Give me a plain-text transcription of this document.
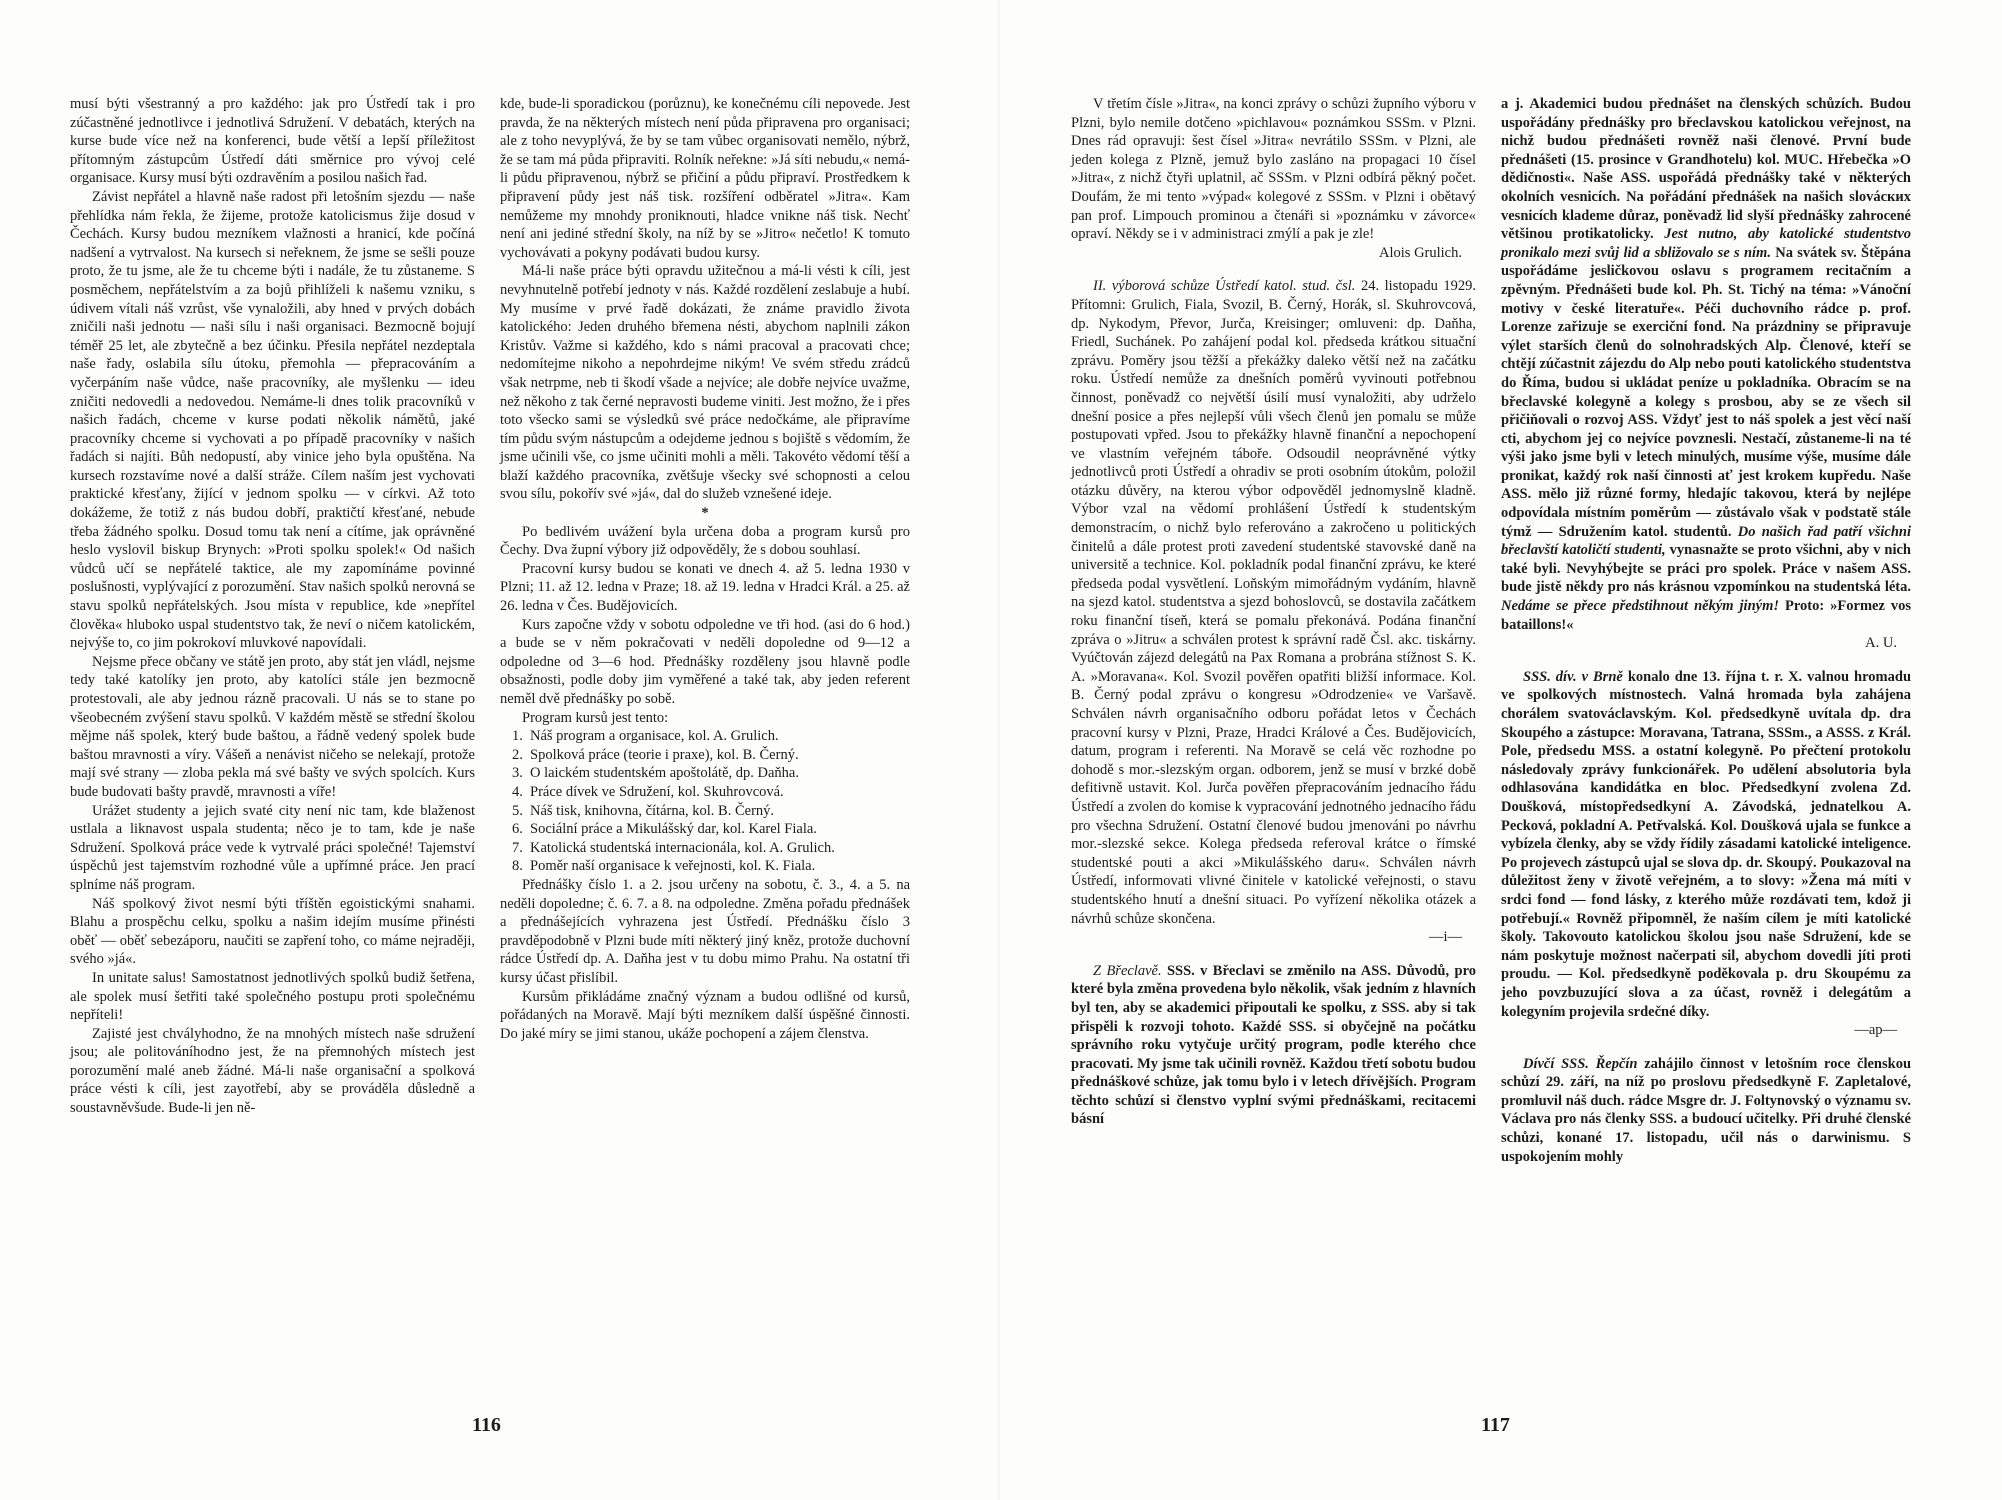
musí býti všestranný a pro každého: jak pro Ústředí tak i pro zúčastněné jednotlivce i jednotlivá Sdružení. V debatách, kterých na kurse bude více než na konferenci, bude větší a lepší příležitost přítomným zástupcům Ústředí dáti směrnice pro vývoj celé organisace. Kursy musí býti ozdravěním a posilou našich řad.

Závist nepřátel a hlavně naše radost při letošním sjezdu — naše přehlídka nám řekla, že žijeme, protože katolicismus žije dosud v Čechách. Kursy budou mezníkem vlažnosti a hranicí, kde počíná nadšení a vytrvalost. Na kursech si neřeknem, že jsme se sešli pouze proto, že tu jsme, ale že tu chceme býti i nadále, že tu zůstaneme. S posměchem, nepřátelstvím a za bojů přihlíželi k našemu vzniku, s údivem vítali náš vzrůst, vše vynaložili, aby hned v prvých dobách zničili naši jednotu — naši sílu i naši organisaci. Bezmocně bojují téměř 25 let, ale zbytečně a bez účinku. Přesila nepřátel nezdeptala naše řady, oslabila sílu útoku, přemohla — přepracováním a vyčerpáním naše vůdce, naše pracovníky, ale myšlenku — ideu zničiti nedovedli a nedovedou. Nemáme-li dnes tolik pracovníků v našich řadách, chceme v kurse podati několik námětů, jaké pracovníky chceme si vychovati a po případě pracovníky v našich řadách si najíti. Bůh nedopustí, aby vinice jeho byla opuštěna. Na kursech rozstavíme nové a další stráže. Cílem naším jest vychovati praktické křesťany, žijící v jednom spolku — v církvi. Až toto dokážeme, že totiž z nás budou dobří, praktičtí křesťané, nebude třeba žádného spolku. Dosud tomu tak není a cítíme, jak oprávněné heslo vyslovil biskup Brynych: »Proti spolku spolek!« Od našich vůdců učí se nepřátelé taktice, ale my zapomínáme povinné poslušnosti, vyplývající z porozumění. Stav našich spolků nerovná se stavu spolků nepřátelských. Jsou místa v republice, kde »nepřítel člověka« hluboko uspal studentstvo tak, že neví o ničem katolickém, nejvýše to, co jim pokrokoví mluvkové napovídali.

Nejsme přece občany ve státě jen proto, aby stát jen vládl, nejsme tedy také katolíky jen proto, aby katolíci stále jen bezmocně protestovali, ale aby jednou rázně pracovali. U nás se to stane po všeobecném zvýšení stavu spolků. V každém městě se střední školou mějme náš spolek, který bude baštou, a řádně vedený spolek bude baštou mravnosti a víry. Vášeň a nenávist ničeho se nelekají, protože mají své strany — zloba pekla má své bašty ve svých spolcích. Kurs bude budovati bašty pravdě, mravnosti a víře!

Urážet studenty a jejich svaté city není nic tam, kde blaženost ustlala a liknavost uspala studenta; něco je to tam, kde je naše Sdružení. Spolková práce vede k vytrvalé práci společné! Tajemství úspěchů jest tajemstvím rozhodné vůle a upřímné práce. Jen prací splníme náš program.

Náš spolkový život nesmí býti tříštěn egoistickými snahami. Blahu a prospěchu celku, spolku a našim idejím musíme přinésti oběť — oběť sebezáporu, naučiti se zapření toho, co máme nejraději, svého »já«.

In unitate salus! Samostatnost jednotlivých spolků budiž šetřena, ale spolek musí šetřiti také společného postupu proti společnému nepříteli!

Zajisté jest chvályhodno, že na mnohých místech naše sdružení jsou; ale politováníhodno jest, že na přemnohých místech jest porozumění malé aneb žádné. Má-li naše organisační a spolková práce vésti k cíli, jest zayotřebí, aby se prováděla důsledně a soustavněvšude. Bude-li jen ně-

kde, bude-li sporadickou (porůznu), ke konečnému cíli nepovede. Jest pravda, že na některých místech není půda připravena pro organisaci; ale z toho nevyplývá, že by se tam vůbec organisovati nemělo, nýbrž, že se tam má půda připraviti. Rolník neřekne: »Já síti nebudu,« nemá-li půdu připravenou, nýbrž se přičiní a půdu připraví. Prostředkem k připravení půdy jest náš tisk. rozšíření odběratel »Jitra«. Kam nemůžeme my mnohdy proniknouti, hladce vnikne náš tisk. Nechť není ani jediné střední školy, na níž by se »Jitro« nečetlo! K tomuto vychovávati a pokyny podávati budou kursy.

Má-li naše práce býti opravdu užitečnou a má-li vésti k cíli, jest nevyhnutelně potřebí jednoty v nás. Každé rozdělení zeslabuje a hubí. My musíme v prvé řadě dokázati, že známe pravidlo života katolického: Jeden druhého břemena nésti, abychom naplnili zákon Kristův. Važme si každého, kdo s námi pracoval a pracovati chce; nedomítejme nikoho a nepohrdejme nikým! Ve svém středu zrádců však netrpme, neb ti škodí všade a nejvíce; ale dobře nejvíce uvažme, než někoho z tak černé nepravosti budeme viniti. Jest možno, že i přes toto všecko sami se výsledků své práce nedočkáme, ale připravíme tím půdu svým nástupcům a odejdeme jednou s bojiště s vědomím, že jsme učinili vše, co jsme učiniti mohli a měli. Takovéto vědomí těší a blaží každého pracovníka, zvětšuje všecky své schopnosti a celou svou sílu, pokořív své »já«, dal do služeb vznešené ideje.

*

Po bedlivém uvážení byla určena doba a program kursů pro Čechy. Dva župní výbory již odpověděly, že s dobou souhlasí.

Pracovní kursy budou se konati ve dnech 4. až 5. ledna 1930 v Plzni; 11. až 12. ledna v Praze; 18. až 19. ledna v Hradci Král. a 25. až 26. ledna v Čes. Budějovicích.

Kurs započne vždy v sobotu odpoledne ve tři hod. (asi do 6 hod.) a bude se v něm pokračovati v neděli dopoledne od 9—12 a odpoledne od 3—6 hod. Přednášky rozděleny jsou hlavně podle obsažnosti, podle doby jim vyměřené a také tak, aby jeden referent neměl dvě přednášky po sobě.

Program kursů jest tento:

1. Náš program a organisace, kol. A. Grulich.
2. Spolková práce (teorie i praxe), kol. B. Černý.
3. O laickém studentském apoštolátě, dp. Daňha.
4. Práce dívek ve Sdružení, kol. Skuhrovcová.
5. Náš tisk, knihovna, čítárna, kol. B. Černý.
6. Sociální práce a Mikulášský dar, kol. Karel Fiala.
7. Katolická studentská internacionála, kol. A. Grulich.
8. Poměr naší organisace k veřejnosti, kol. K. Fiala.

Přednášky číslo 1. a 2. jsou určeny na sobotu, č. 3., 4. a 5. na neděli dopoledne; č. 6. 7. a 8. na odpoledne. Změna pořadu přednášek a přednášejících vyhrazena jest Ústředí. Přednášku číslo 3 pravděpodobně v Plzni bude míti některý jiný kněz, protože duchovní rádce Ústředí dp. A. Daňha jest v tu dobu mimo Prahu. Na ostatní tři kursy účast přislíbil.

Kursům přikládáme značný význam a budou odlišné od kursů, pořádaných na Moravě. Mají býti mezníkem další úspěšné činnosti. Do jaké míry se jimi stanou, ukáže pochopení a zájem členstva.

116

V třetím čísle »Jitra«, na konci zprávy o schůzi župního výboru v Plzni, bylo nemile dotčeno »pichlavou« poznámkou SSSm. v Plzni. Dnes rád opravuji: šest čísel »Jitra« nevrátilo SSSm. v Plzni, ale jeden kolega z Plzně, jemuž bylo zasláno na propagaci 10 čísel »Jitra«, z nichž čtyři uplatnil, ač SSSm. v Plzni odbírá pěkný počet. Doufám, že mi tento »výpad« kolegové z SSSm. v Plzni i obětavý pan prof. Limpouch prominou a čtenáři si »poznámku v závorce« opraví. Někdy se i v administraci zmýlí a pak je zle!

Alois Grulich.

II. výborová schůze Ústředí katol. stud. čsl. 24. listopadu 1929. Přítomni: Grulich, Fiala, Svozil, B. Černý, Horák, sl. Skuhrovcová, dp. Nykodym, Převor, Jurča, Kreisinger; omluveni: dp. Daňha, Friedl, Suchánek. Po zahájení podal kol. předseda krátkou situační zprávu. Poměry jsou těžší a překážky daleko větší než na začátku roku. Ústředí nemůže za dnešních poměrů vyvinouti potřebnou činnost, poněvadž co největší úsilí musí vynaložiti, aby udrželo dnešní posice a přes nejlepší vůli všech členů jen pomalu se může postupovati vpřed. Jsou to překážky hlavně finanční a nepochopení ve vlastním veřejném táboře. Odsoudil neoprávněné výtky jednotlivců proti Ústředí a ohradiv se proti osobním útokům, položil otázku důvěry, na kterou výbor odpověděl jednomyslně kladně. Výbor vzal na vědomí prohlášení Ústředí k studentským demonstracím, o nichž bylo referováno a zakročeno u politických činitelů a dále protest proti zavedení studentské stavovské daně na universitě a technice. Kol. pokladník podal finanční zprávu, ke které předseda podal vysvětlení. Loňským mimořádným vydáním, hlavně na sjezd katol. studentstva a sjezd bohoslovců, se dostavila začátkem roku finanční tíseň, která se pomalu překonává. Podána finanční zpráva o »Jitru« a schválen protest k správní radě Čsl. akc. tiskárny. Vyúčtován zájezd delegátů na Pax Romana a probrána stížnost S. K. A. »Moravana«. Kol. Svozil pověřen opatřiti bližší informace. Kol. B. Černý podal zprávu o kongresu »Odrodzenie« ve Varšavě. Schválen návrh organisačního odboru pořádat letos v Čechách pracovní kursy v Plzni, Praze, Hradci Králové a Čes. Budějovicích, datum, program i referenti. Na Moravě se celá věc rozhodne po dohodě s mor.-slezským organ. odborem, jenž se musí v brzké době defitivně ustavit. Kol. Jurča pověřen přepracováním jednacího řádu Ústředí a zvolen do komise k vypracování jednotného jednacího řádu pro všechna Sdružení. Ostatní členové budou jmenováni po návrhu mor.-slezské sekce. Kolega předseda referoval krátce o římské studentské pouti a akci »Mikulášského daru«. Schválen návrh Ústředí, informovati vlivné činitele v katolické veřejnosti, o stavu studentského hnutí a dnešní situaci. Po vyřízení několika otázek a návrhů schůze skončena.

—i—

Z Břeclavě. SSS. v Břeclavi se změnilo na ASS. Důvodů, pro které byla změna provedena bylo několik, však jedním z hlavních byl ten, aby se akademici připoutali ke spolku, z SSS. aby si tak přispěli k rozvoji tohoto. Každé SSS. si obyčejně na počátku správního roku vytyčuje určitý program, podle kterého chce pracovati. My jsme tak učinili rovněž. Každou třetí sobotu budou přednáškové schůze, jak tomu bylo i v letech dřívějších. Program těchto schůzí si členstvo vyplní svými přednáškami, recitacemi básní

a j. Akademici budou přednášet na členských schůzích. Budou uspořádány přednášky pro břeclavskou katolickou veřejnost, na nichž budou přednášeti rovněž naši členové. První bude přednášeti (15. prosince v Grandhotelu) kol. MUC. Hřebečka »O dědičnosti«. Naše ASS. uspořádá přednášky také v některých okolních vesnicích. Na pořádání přednášek na našich slovácких vesnicích klademe důraz, poněvadž lid slyší přednášky zahrocené většinou protikatolicky. Jest nutno, aby katolické studentstvo pronikalo mezi svůj lid a sbližovalo se s ním. Na svátek sv. Štěpána uspořádáme jesličkovou oslavu s programem recitačním a zpěvným. Přednášeti bude kol. Ph. St. Tichý na téma: »Vánoční motivy v české literatuře«. Péči duchovního rádce p. prof. Lorenze zařizuje se exerciční fond. Na prázdniny se připravuje výlet starších členů do solnohradských Alp. Členové, kteří se chtějí zúčastnit zájezdu do Alp nebo pouti katolického studentstva do Říma, budou si ukládat peníze u pokladníka. Obracím se na břeclavské kolegyně a kolegy s prosbou, aby se ze všech sil přičiňovali o rozvoj ASS. Vždyť jest to náš spolek a jest věcí naší cti, abychom jej co nejvíce povznesli. Nestačí, zůstaneme-li na té výši jako jsme byli v letech minulých, musíme výše, musíme dále pronikat, každý rok naší činnosti ať jest krokem kupředu. Naše ASS. mělo již různé formy, hledajíc takovou, která by nejlépe odpovídala místním poměrům — zůstávalo však v podstatě stále týmž — Sdružením katol. studentů. Do našich řad patří všichni břeclavští katoličtí studenti, vynasnažte se proto všichni, aby v nich také byli. Nevyhýbejte se práci pro spolek. Práce v našem ASS. bude jistě někdy pro nás krásnou vzpomínkou na studentská léta. Nedáme se přece předstihnout někým jiným! Proto: »Formez vos bataillons!«

A. U.

SSS. dív. v Brně konalo dne 13. října t. r. X. valnou hromadu ve spolkových místnostech. Valná hromada byla zahájena chorálem svatováclavským. Kol. předsedkyně uvítala dp. dra Skoupého a zástupce: Moravana, Tatrana, SSSm., a ASSS. z Král. Pole, předsedu MSS. a ostatní kolegyně. Po přečtení protokolu následovaly zprávy funkcionářek. Po udělení absolutoria byla odhlasována kandidátka en bloc. Předsedkyní zvolena Zd. Doušková, místopředsedkyní A. Závodská, jednatelkou A. Pecková, pokladní A. Petřvalská. Kol. Doušková ujala se funkce a vybízela členky, aby se vždy řídily zásadami katolické inteligence. Po projevech zástupců ujal se slova dp. dr. Skoupý. Poukazoval na důležitost ženy v životě veřejném, a to slovy: »Žena má míti v srdci fond — fond lásky, z kterého může rozdávati tem, kdož ji potřebují.« Rovněž připomněl, že naším cílem je míti katolické školy. Takovouto katolickou školou jsou naše Sdružení, kde se nám poskytuje možnost načerpati sil, abychom dovedli jíti proti proudu. — Kol. předsedkyně poděkovala p. dru Skoupému za jeho povzbuzující slova a za účast, rovněž i delegátům a kolegyním projevila srdečné díky.

—ap—

Dívčí SSS. Řepčín zahájilo činnost v letošním roce členskou schůzí 29. září, na níž po proslovu předsedkyně F. Zapletalové, promluvil náš duch. rádce Msgre dr. J. Foltynovský o významu sv. Václava pro nás členky SSS. a budoucí učitelky. Při druhé členské schůzi, konané 17. listopadu, učil nás o darwinismu. S uspokojením mohly

117
